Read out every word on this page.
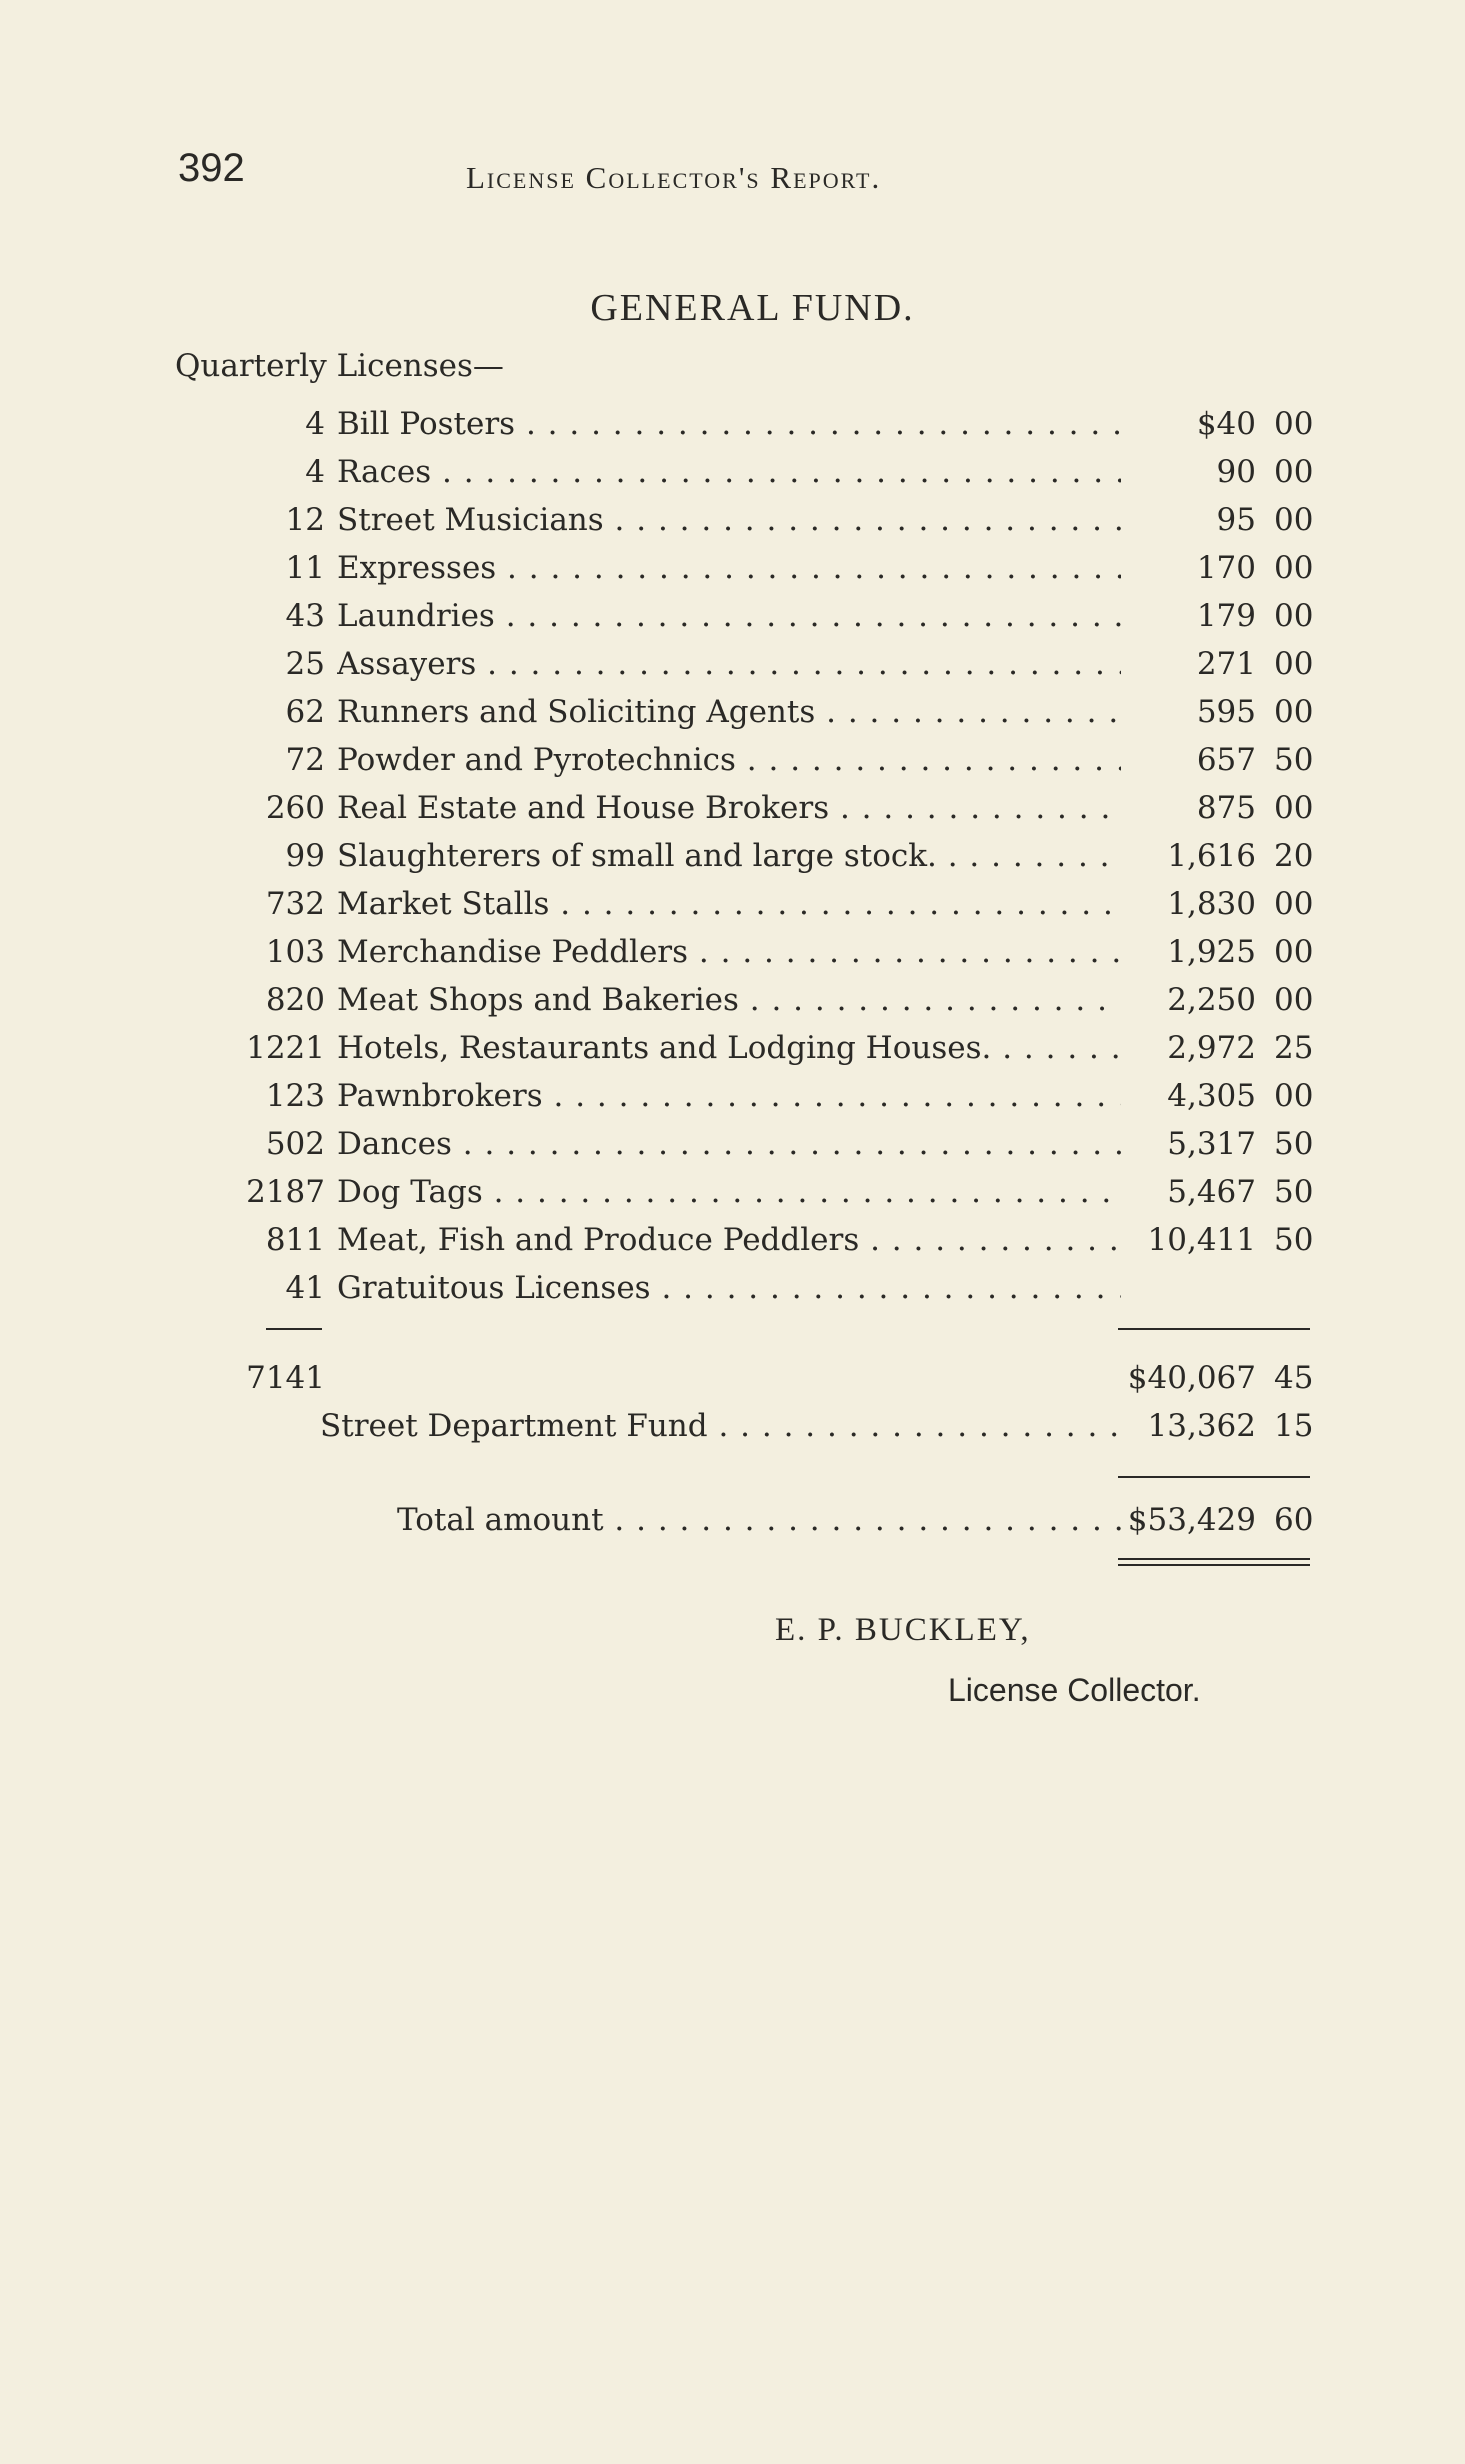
392	License Collector's Report.
GENERAL FUND.
Quarterly Licenses—
4 Bill Posters . . .	$40 00
4 Races . . .	90 00
12 Street Musicians . . .	95 00
11 Expresses . . .	170 00
43 Laundries . . .	179 00
25 Assayers . . .	271 00
62 Runners and Soliciting Agents . . .	595 00
72 Powder and Pyrotechnics . . .	657 50
260 Real Estate and House Brokers . . .	875 00
99 Slaughterers of small and large stock. . . .	1,616 20
732 Market Stalls . . .	1,830 00
103 Merchandise Peddlers . . .	1,925 00
820 Meat Shops and Bakeries . . .	2,250 00
1221 Hotels, Restaurants and Lodging Houses. . . .	2,972 25
123 Pawnbrokers . . .	4,305 00
502 Dances . . .	5,317 50
2187 Dog Tags . . .	5,467 50
811 Meat, Fish and Produce Peddlers . . .	10,411 50
41 Gratuitous Licenses . . .
7141	$40,067 45
Street Department Fund . . .	13,362 15
Total amount . . .	$53,429 60
E. P. BUCKLEY,
License Collector.
